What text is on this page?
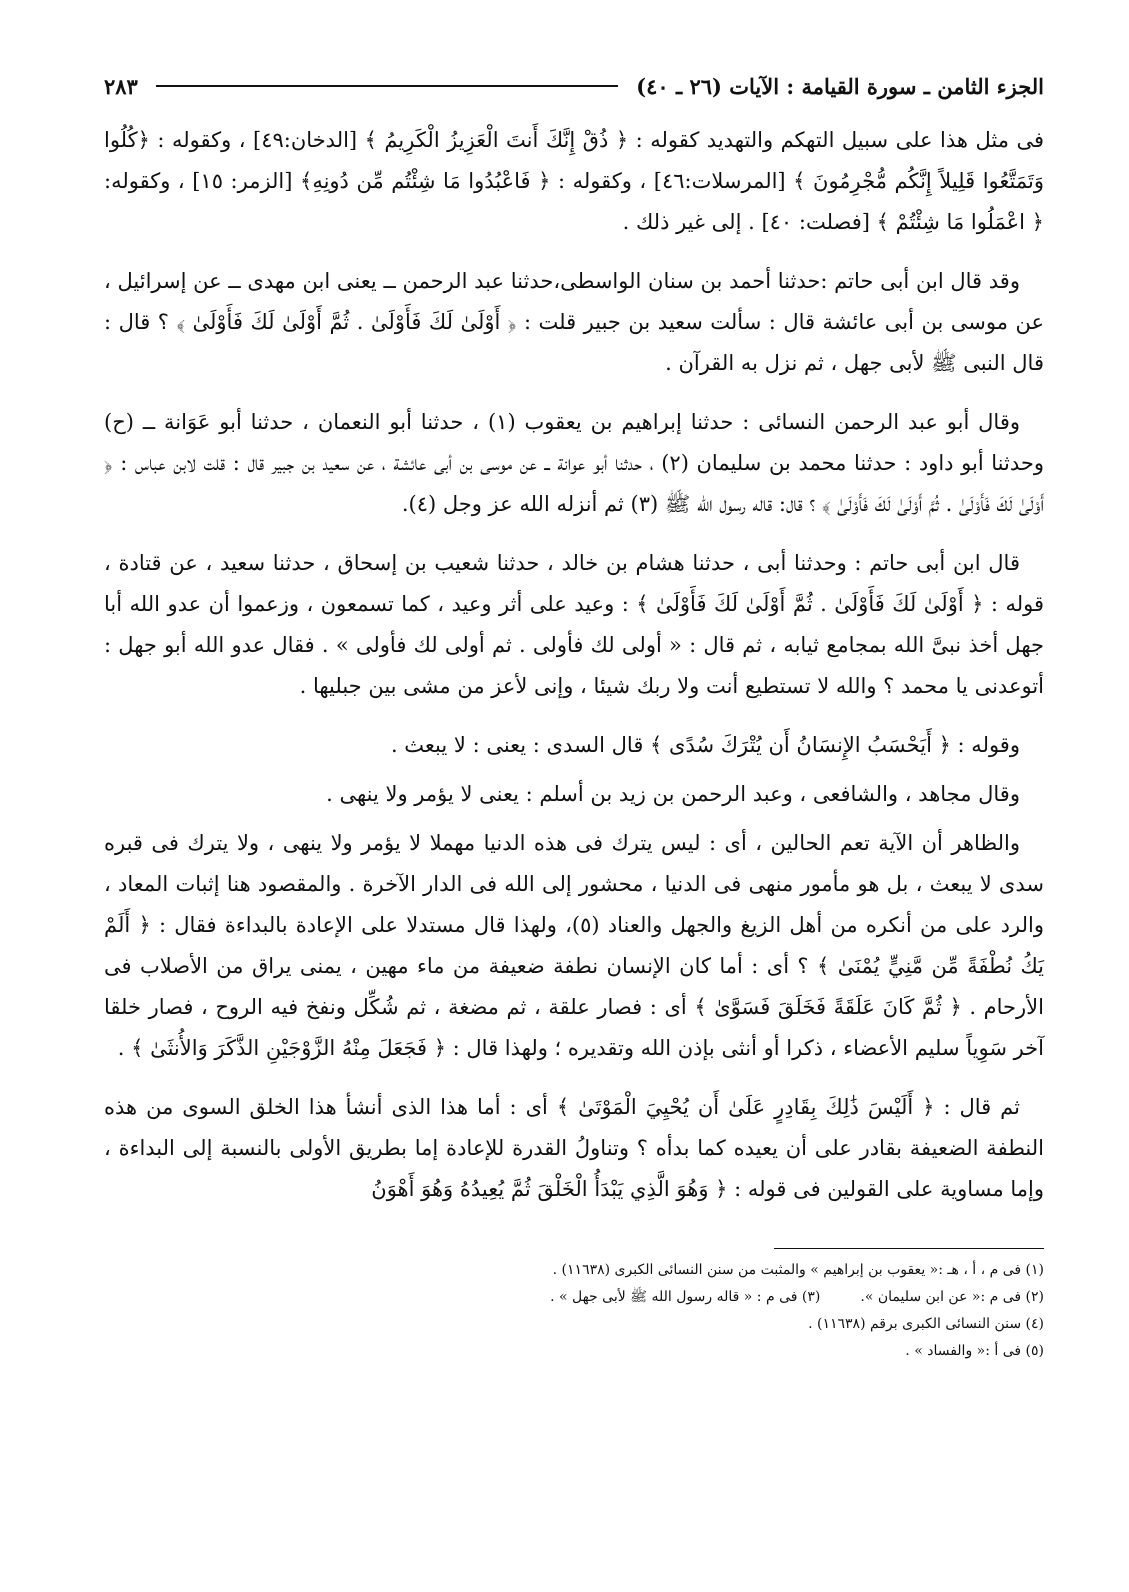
الجزء الثامن ـ سورة القيامة : الآيات (٢٦ ـ ٤٠)
٢٨٣

فى مثل هذا على سبيل التهكم والتهديد كقوله : ﴿ ذُقْ إِنَّكَ أَنتَ الْعَزِيزُ الْكَرِيمُ ﴾ [الدخان:٤٩] ، وكقوله : ﴿كُلُوا وَتَمَتَّعُوا قَلِيلاً إِنَّكُم مُّجْرِمُونَ ﴾ [المرسلات:٤٦] ، وكقوله : ﴿ فَاعْبُدُوا مَا شِئْتُم مِّن دُونِهِ﴾ [الزمر: ١٥] ، وكقوله: ﴿ اعْمَلُوا مَا شِئْتُمْ ﴾ [فصلت: ٤٠] . إلى غير ذلك .

وقد قال ابن أبى حاتم :حدثنا أحمد بن سنان الواسطى،حدثنا عبد الرحمن ــ يعنى ابن مهدى ــ عن إسرائيل ، عن موسى بن أبى عائشة قال : سألت سعيد بن جبير قلت : ﴿ أَوْلَىٰ لَكَ فَأَوْلَىٰ . ثُمَّ أَوْلَىٰ لَكَ فَأَوْلَىٰ ﴾ ؟ قال : قال النبى ﷺ لأبى جهل ، ثم نزل به القرآن .

وقال أبو عبد الرحمن النسائى : حدثنا إبراهيم بن يعقوب (١) ، حدثنا أبو النعمان ، حدثنا أبو عَوَانة ــ (ح) وحدثنا أبو داود : حدثنا محمد بن سليمان (٢) ، حدثنا أبو عوانة ــ عن موسى بن أبى عائشة ، عن سعيد بن جبير قال : قلت لابن عباس : ﴿ أَوْلَىٰ لَكَ فَأَوْلَىٰ . ثُمَّ أَوْلَىٰ لَكَ فَأَوْلَىٰ ﴾ ؟ قال: قاله رسول الله ﷺ (٣) ثم أنزله الله عز وجل (٤).

قال ابن أبى حاتم : وحدثنا أبى ، حدثنا هشام بن خالد ، حدثنا شعيب بن إسحاق ، حدثنا سعيد ، عن قتادة ، قوله : ﴿ أَوْلَىٰ لَكَ فَأَوْلَىٰ . ثُمَّ أَوْلَىٰ لَكَ فَأَوْلَىٰ ﴾ : وعيد على أثر وعيد ، كما تسمعون ، وزعموا أن عدو الله أبا جهل أخذ نبىَّ الله بمجامع ثيابه ، ثم قال : « أولى لك فأولى . ثم أولى لك فأولى » . فقال عدو الله أبو جهل : أتوعدنى يا محمد ؟ والله لا تستطيع أنت ولا ربك شيئا ، وإنى لأعز من مشى بين جبليها .

وقوله : ﴿ أَيَحْسَبُ الإِنسَانُ أَن يُتْرَكَ سُدًى ﴾ قال السدى : يعنى : لا يبعث .

وقال مجاهد ، والشافعى ، وعبد الرحمن بن زيد بن أسلم : يعنى لا يؤمر ولا ينهى .

والظاهر أن الآية تعم الحالين ، أى : ليس يترك فى هذه الدنيا مهملا لا يؤمر ولا ينهى ، ولا يترك فى قبره سدى لا يبعث ، بل هو مأمور منهى فى الدنيا ، محشور إلى الله فى الدار الآخرة . والمقصود هنا إثبات المعاد ، والرد على من أنكره من أهل الزيغ والجهل والعناد (٥)، ولهذا قال مستدلا على الإعادة بالبداءة فقال : ﴿ أَلَمْ يَكُ نُطْفَةً مِّن مَّنِيٍّ يُمْنَىٰ ﴾ ؟ أى : أما كان الإنسان نطفة ضعيفة من ماء مهين ، يمنى يراق من الأصلاب فى الأرحام . ﴿ ثُمَّ كَانَ عَلَقَةً فَخَلَقَ فَسَوَّىٰ ﴾ أى : فصار علقة ، ثم مضغة ، ثم شُكِّل ونفخ فيه الروح ، فصار خلقا آخر سَوِياً سليم الأعضاء ، ذكرا أو أنثى بإذن الله وتقديره ؛ ولهذا قال : ﴿ فَجَعَلَ مِنْهُ الزَّوْجَيْنِ الذَّكَرَ وَالأُنثَىٰ ﴾ .

ثم قال : ﴿ أَلَيْسَ ذَٰلِكَ بِقَادِرٍ عَلَىٰ أَن يُحْيِيَ الْمَوْتَىٰ ﴾ أى : أما هذا الذى أنشأ هذا الخلق السوى من هذه النطفة الضعيفة بقادر على أن يعيده كما بدأه ؟ وتناولُ القدرة للإعادة إما بطريق الأولى بالنسبة إلى البداءة ، وإما مساوية على القولين فى قوله : ﴿ وَهُوَ الَّذِي يَبْدَأُ الْخَلْقَ ثُمَّ يُعِيدُهُ وَهُوَ أَهْوَنُ

(١) فى م ، أ ، هـ :« يعقوب بن إبراهيم » والمثبت من سنن النسائى الكبرى (١١٦٣٨) .

(٢) فى م :« عن ابن سليمان ».
(٣) فى م : « قاله رسول الله ﷺ لأبى جهل » .

(٤) سنن النسائى الكبرى برقم (١١٦٣٨) .

(٥) فى أ :« والفساد » .
